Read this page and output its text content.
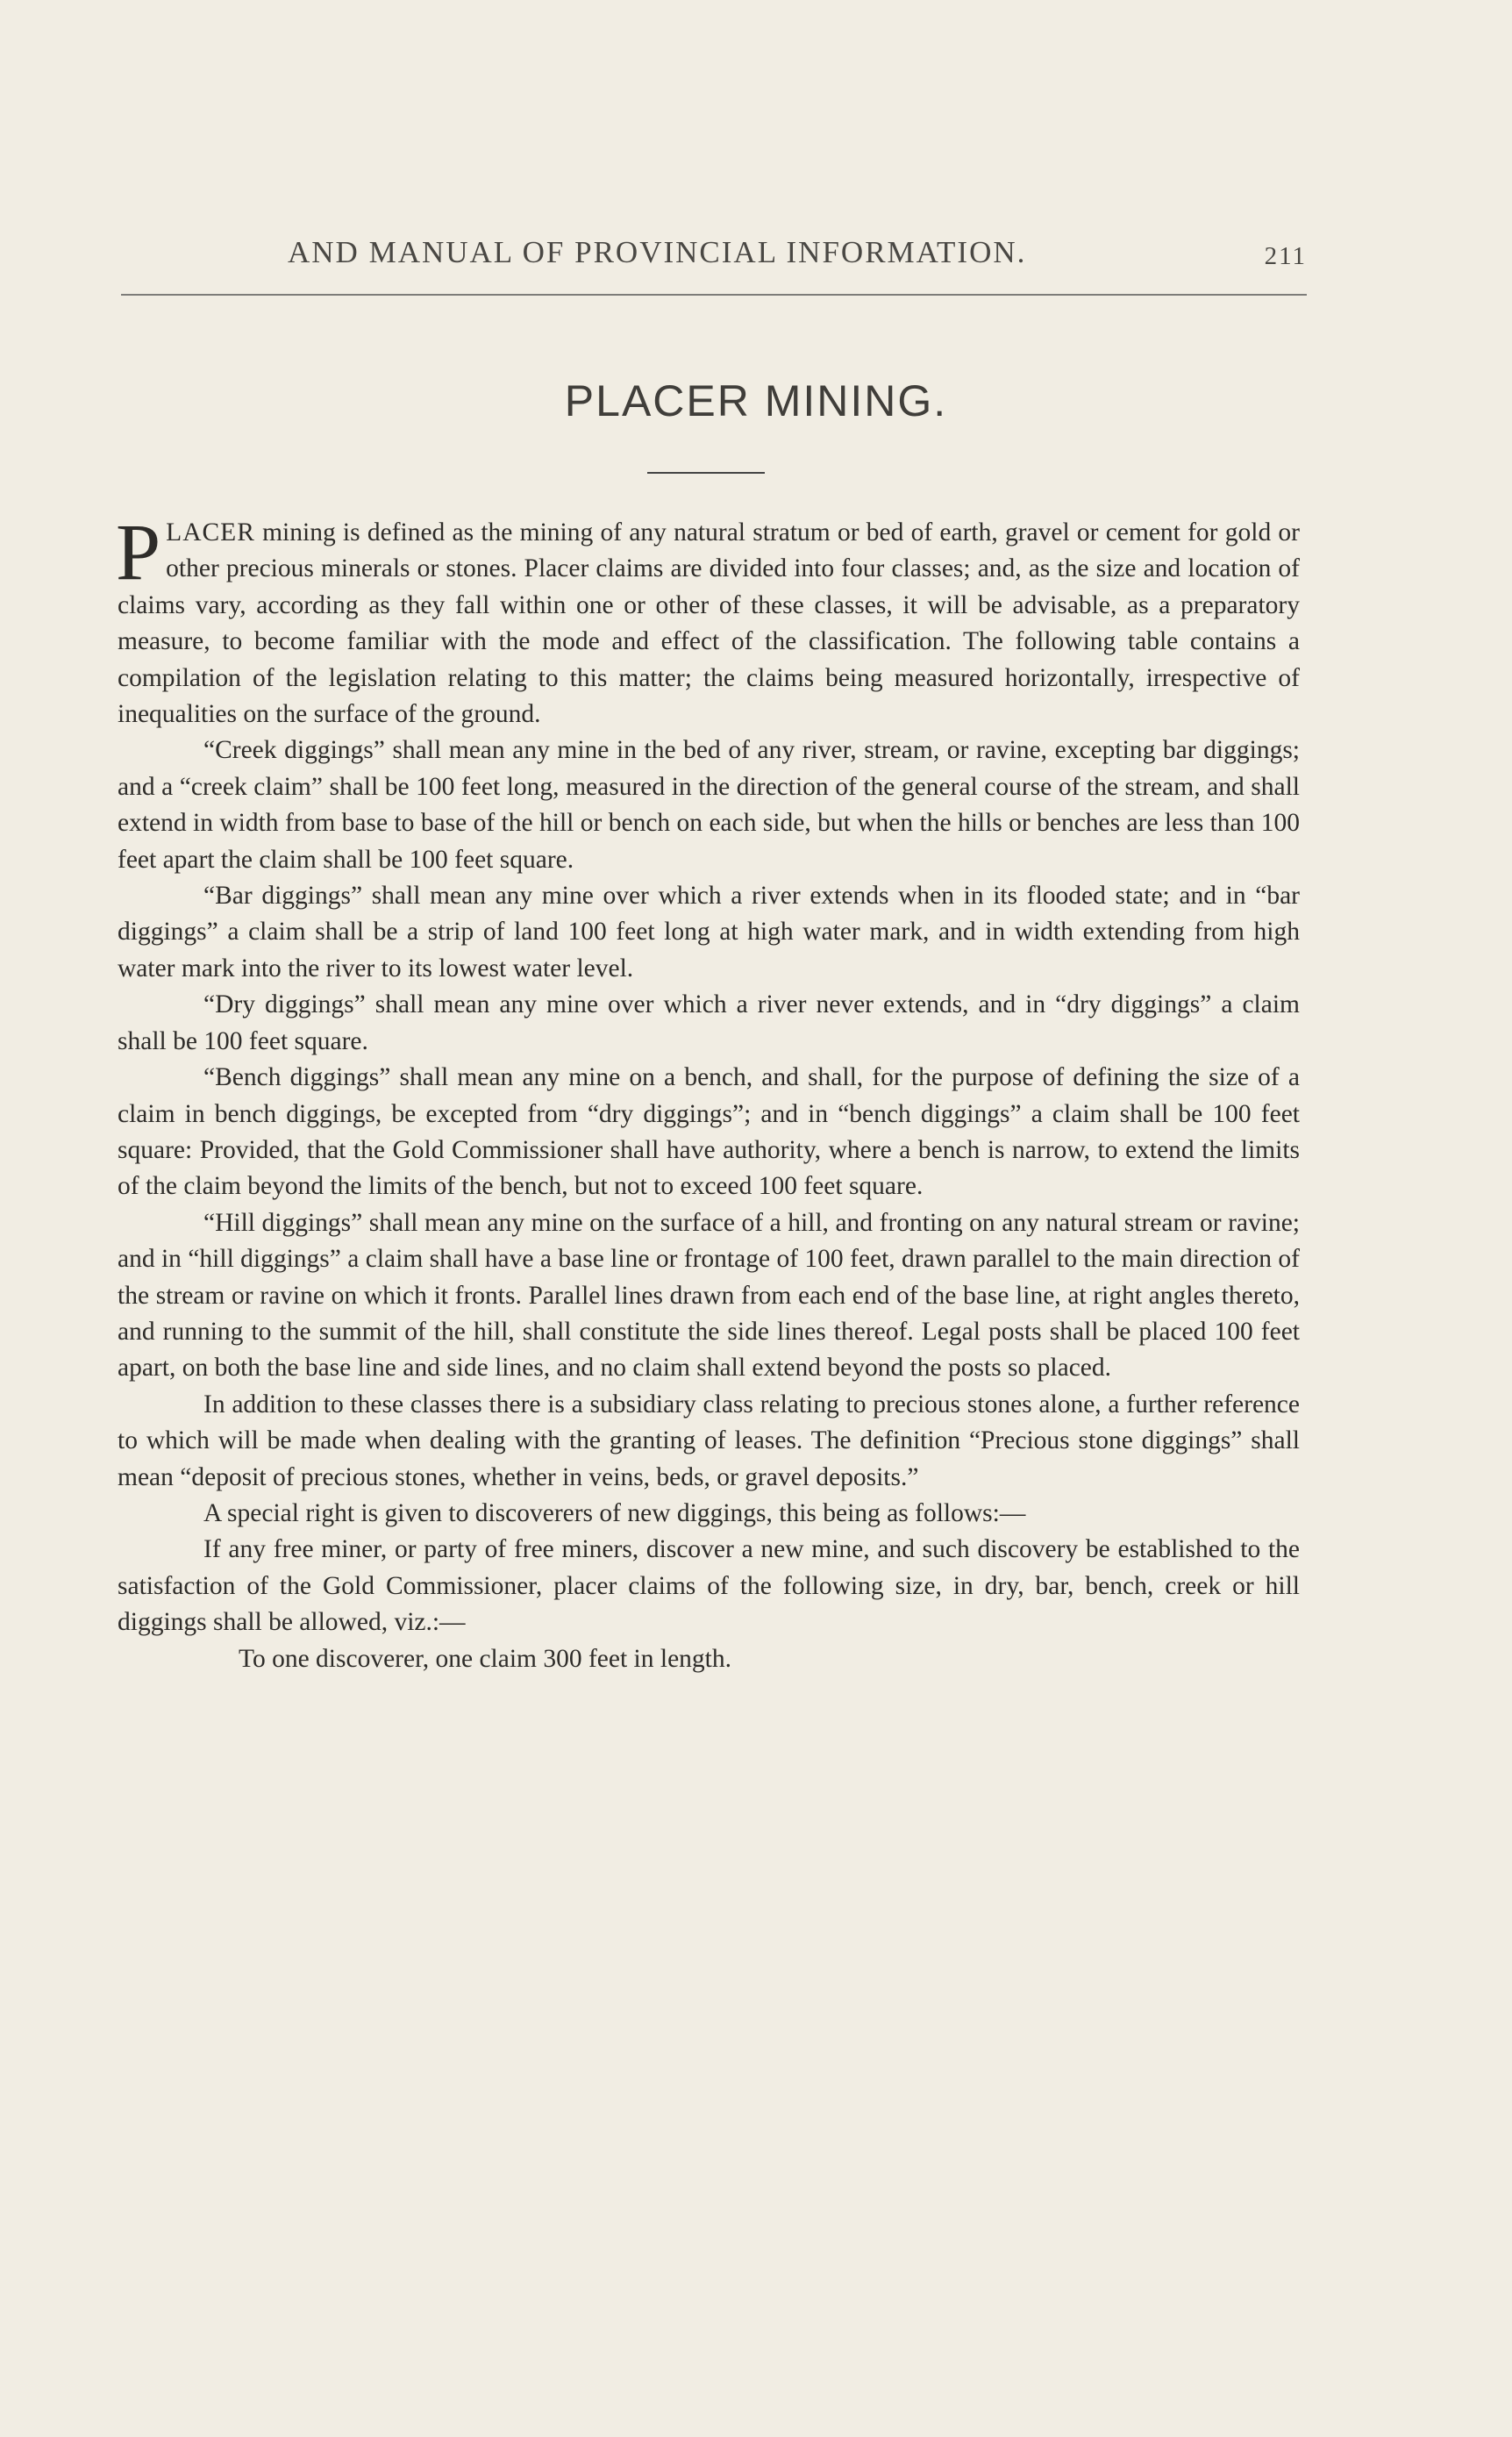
AND MANUAL OF PROVINCIAL INFORMATION.	211
PLACER MINING.

PLACER mining is defined as the mining of any natural stratum or bed of earth, gravel or cement for gold or other precious minerals or stones. Placer claims are divided into four classes; and, as the size and location of claims vary, according as they fall within one or other of these classes, it will be advisable, as a preparatory measure, to become familiar with the mode and effect of the classification. The following table contains a compilation of the legislation relating to this matter; the claims being measured horizontally, irrespective of inequalities on the surface of the ground.

“Creek diggings” shall mean any mine in the bed of any river, stream, or ravine, excepting bar diggings; and a “creek claim” shall be 100 feet long, measured in the direction of the general course of the stream, and shall extend in width from base to base of the hill or bench on each side, but when the hills or benches are less than 100 feet apart the claim shall be 100 feet square.

“Bar diggings” shall mean any mine over which a river extends when in its flooded state; and in “bar diggings” a claim shall be a strip of land 100 feet long at high water mark, and in width extending from high water mark into the river to its lowest water level.

“Dry diggings” shall mean any mine over which a river never extends, and in “dry diggings” a claim shall be 100 feet square.

“Bench diggings” shall mean any mine on a bench, and shall, for the purpose of defining the size of a claim in bench diggings, be excepted from “dry diggings”; and in “bench diggings” a claim shall be 100 feet square: Provided, that the Gold Commissioner shall have authority, where a bench is narrow, to extend the limits of the claim beyond the limits of the bench, but not to exceed 100 feet square.

“Hill diggings” shall mean any mine on the surface of a hill, and fronting on any natural stream or ravine; and in “hill diggings” a claim shall have a base line or frontage of 100 feet, drawn parallel to the main direction of the stream or ravine on which it fronts. Parallel lines drawn from each end of the base line, at right angles thereto, and running to the summit of the hill, shall constitute the side lines thereof. Legal posts shall be placed 100 feet apart, on both the base line and side lines, and no claim shall extend beyond the posts so placed.

In addition to these classes there is a subsidiary class relating to precious stones alone, a further reference to which will be made when dealing with the granting of leases. The definition “Precious stone diggings” shall mean “deposit of precious stones, whether in veins, beds, or gravel deposits.”

A special right is given to discoverers of new diggings, this being as follows:—

If any free miner, or party of free miners, discover a new mine, and such discovery be established to the satisfaction of the Gold Commissioner, placer claims of the following size, in dry, bar, bench, creek or hill diggings shall be allowed, viz.:—

To one discoverer, one claim 300 feet in length.
